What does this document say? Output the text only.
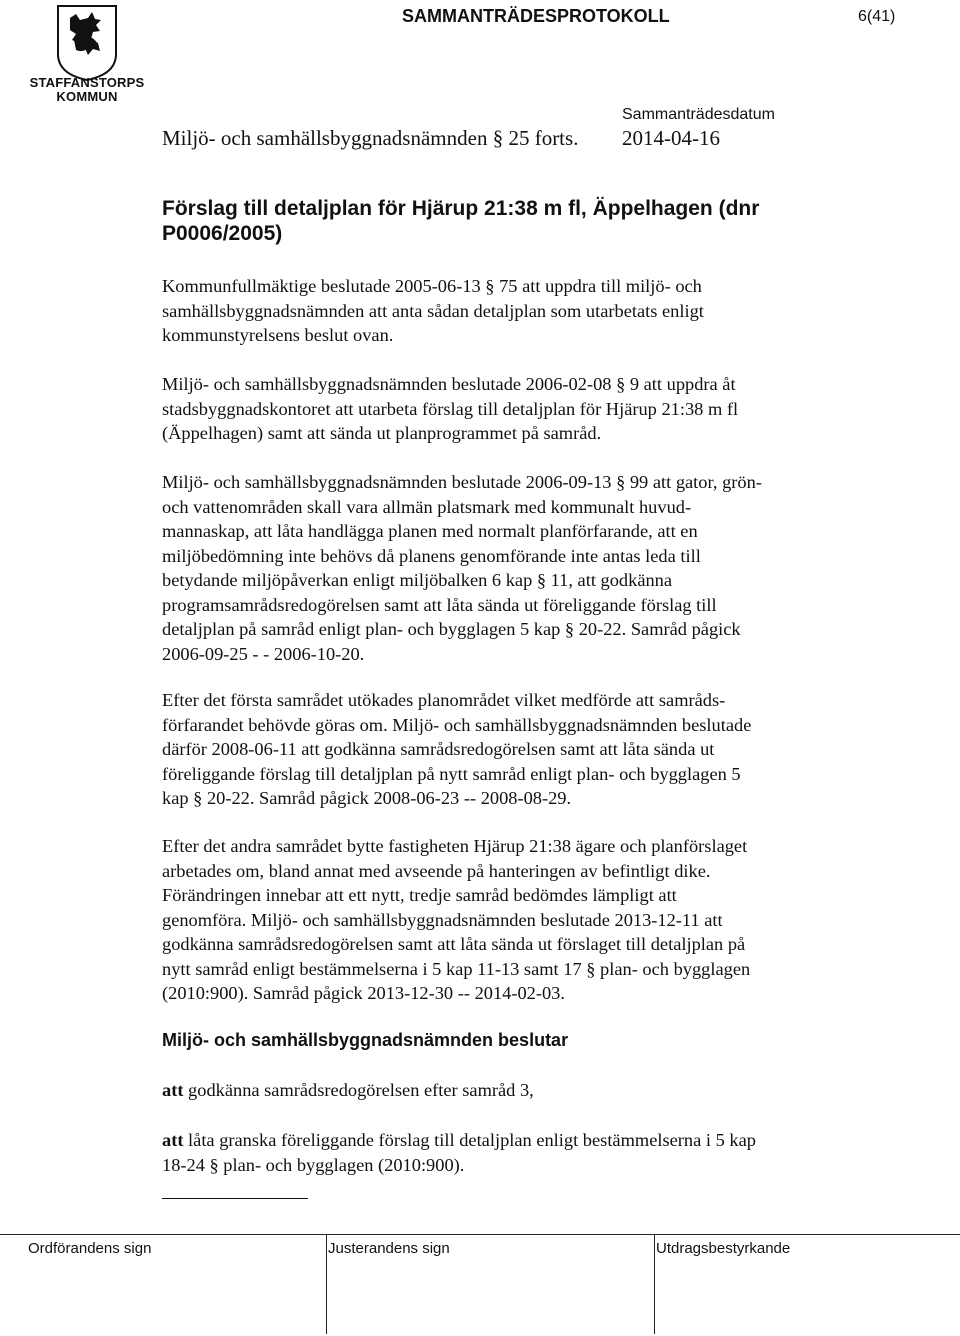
STAFFANSTORPS
KOMMUN
SAMMANTRÄDESPROTOKOLL	6(41)
Sammanträdesdatum
Miljö- och samhällsbyggnadsnämnden § 25 forts. 2014-04-16
Förslag till detaljplan för Hjärup 21:38 m fl, Äppelhagen (dnr P0006/2005)
Kommunfullmäktige beslutade 2005-06-13 § 75 att uppdra till miljö- och
samhällsbyggnadsnämnden att anta sådan detaljplan som utarbetats enligt
kommunstyrelsens beslut ovan.
Miljö- och samhällsbyggnadsnämnden beslutade 2006-02-08 § 9 att uppdra åt
stadsbyggnadskontoret att utarbeta förslag till detaljplan för Hjärup 21:38 m fl
(Äppelhagen) samt att sända ut planprogrammet på samråd.
Miljö- och samhällsbyggnadsnämnden beslutade 2006-09-13 § 99 att gator, grön-
och vattenområden skall vara allmän platsmark med kommunalt huvud-
mannaskap, att låta handlägga planen med normalt planförfarande, att en
miljöbedömning inte behövs då planens genomförande inte antas leda till
betydande miljöpåverkan enligt miljöbalken 6 kap § 11, att godkänna
programsamrådsredogörelsen samt att låta sända ut föreliggande förslag till
detaljplan på samråd enligt plan- och bygglagen 5 kap § 20-22. Samråd pågick
2006-09-25 - - 2006-10-20.
Efter det första samrådet utökades planområdet vilket medförde att samråds-
förfarandet behövde göras om. Miljö- och samhällsbyggnadsnämnden beslutade
därför 2008-06-11 att godkänna samrådsredogörelsen samt att låta sända ut
föreliggande förslag till detaljplan på nytt samråd enligt plan- och bygglagen 5
kap § 20-22. Samråd pågick 2008-06-23 -- 2008-08-29.
Efter det andra samrådet bytte fastigheten Hjärup 21:38 ägare och planförslaget
arbetades om, bland annat med avseende på hanteringen av befintligt dike.
Förändringen innebar att ett nytt, tredje samråd bedömdes lämpligt att
genomföra. Miljö- och samhällsbyggnadsnämnden beslutade 2013-12-11 att
godkänna samrådsredogörelsen samt att låta sända ut förslaget till detaljplan på
nytt samråd enligt bestämmelserna i 5 kap 11-13 samt 17 § plan- och bygglagen
(2010:900). Samråd pågick 2013-12-30 -- 2014-02-03.
Miljö- och samhällsbyggnadsnämnden beslutar
att godkänna samrådsredogörelsen efter samråd 3,
att låta granska föreliggande förslag till detaljplan enligt bestämmelserna i 5 kap
18-24 § plan- och bygglagen (2010:900).
Ordförandens sign	Justerandens sign	Utdragsbestyrkande
